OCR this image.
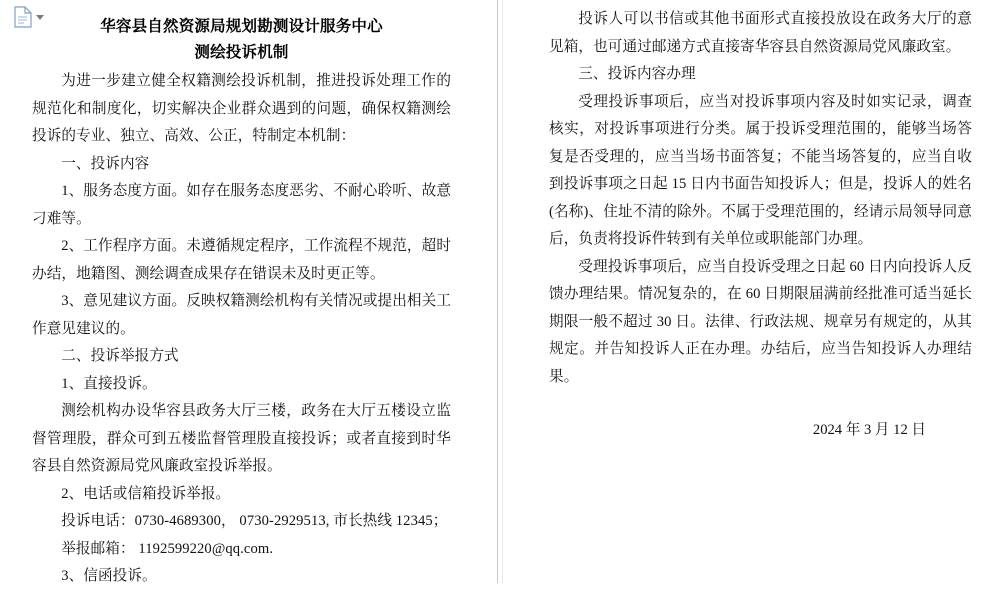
华容县自然资源局规划勘测设计服务中心
测绘投诉机制

为进一步建立健全权籍测绘投诉机制，推进投诉处理工作的规范化和制度化，切实解决企业群众遇到的问题，确保权籍测绘投诉的专业、独立、高效、公正，特制定本机制：

一、投诉内容

1、服务态度方面。如存在服务态度恶劣、不耐心聆听、故意刁难等。

2、工作程序方面。未遵循规定程序，工作流程不规范，超时办结，地籍图、测绘调查成果存在错误未及时更正等。

3、意见建议方面。反映权籍测绘机构有关情况或提出相关工作意见建议的。

二、投诉举报方式

1、直接投诉。

测绘机构办设华容县政务大厅三楼，政务在大厅五楼设立监督管理股，群众可到五楼监督管理股直接投诉；或者直接到时华容县自然资源局党风廉政室投诉举报。

2、电话或信箱投诉举报。

投诉电话：0730-4689300， 0730-2929513, 市长热线 12345；

举报邮箱： 1192599220@qq.com.

3、信函投诉。

投诉人可以书信或其他书面形式直接投放设在政务大厅的意见箱，也可通过邮递方式直接寄华容县自然资源局党风廉政室。

三、投诉内容办理

受理投诉事项后，应当对投诉事项内容及时如实记录，调查核实，对投诉事项进行分类。属于投诉受理范围的，能够当场答复是否受理的，应当当场书面答复；不能当场答复的，应当自收到投诉事项之日起 15 日内书面告知投诉人；但是，投诉人的姓名(名称)、住址不清的除外。不属于受理范围的，经请示局领导同意后，负责将投诉件转到有关单位或职能部门办理。

受理投诉事项后，应当自投诉受理之日起 60 日内向投诉人反馈办理结果。情况复杂的，在 60 日期限届满前经批准可适当延长期限一般不超过 30 日。法律、行政法规、规章另有规定的，从其规定。并告知投诉人正在办理。办结后，应当告知投诉人办理结果。

2024 年 3 月 12 日
